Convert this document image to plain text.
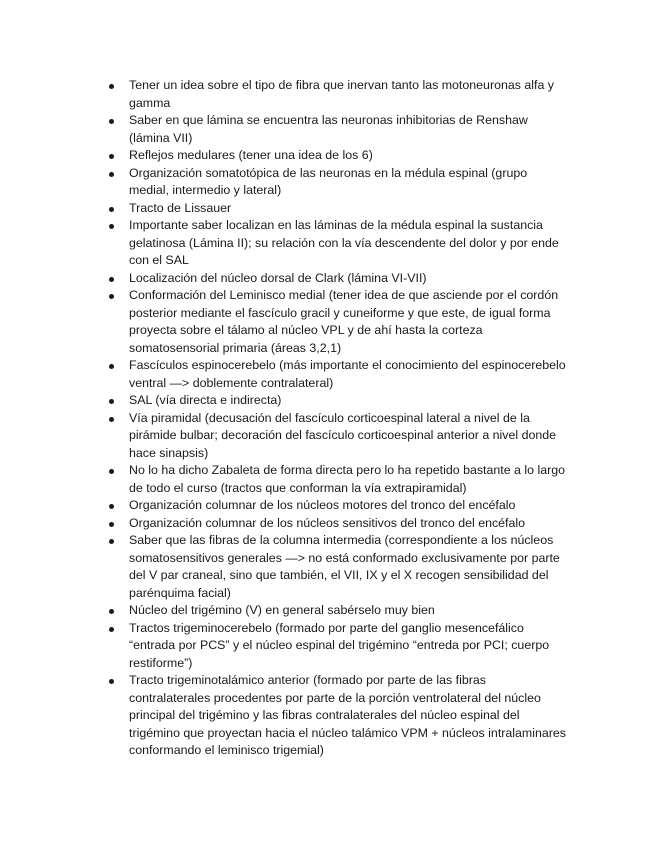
Tener un idea sobre el tipo de fibra que inervan tanto las motoneuronas alfa y gamma
Saber en que lámina se encuentra las neuronas inhibitorias de Renshaw (lámina VII)
Reflejos medulares (tener una idea de los 6)
Organización somatotópica de las neuronas en la médula espinal (grupo medial, intermedio y lateral)
Tracto de Lissauer
Importante saber localizan en las láminas de la médula espinal la sustancia gelatinosa (Lámina II); su relación con la vía descendente del dolor y por ende con el SAL
Localización del núcleo dorsal de Clark (lámina VI-VII)
Conformación del Leminisco medial (tener idea de que asciende por el cordón posterior mediante el fascículo gracil y cuneiforme y que este, de igual forma proyecta sobre el tálamo al núcleo VPL y de ahí hasta la corteza somatosensorial primaria (áreas 3,2,1)
Fascículos espinocerebelo (más importante el conocimiento del espinocerebelo ventral —> doblemente contralateral)
SAL (vía directa e indirecta)
Vía piramidal (decusación del fascículo corticoespinal lateral a nivel de la pirámide bulbar; decoración del fascículo corticoespinal anterior a nivel donde hace sinapsis)
No lo ha dicho Zabaleta de forma directa pero lo ha repetido bastante a lo largo de todo el curso (tractos que conforman la vía extrapiramidal)
Organización columnar de los núcleos motores del tronco del encéfalo
Organización columnar de los núcleos sensitivos del tronco del encéfalo
Saber que las fibras de la columna intermedia (correspondiente a los núcleos somatosensitivos generales —> no está conformado exclusivamente por parte del V par craneal, sino que también, el VII, IX y el X recogen sensibilidad del parénquima facial)
Núcleo del trigémino (V) en general sabérselo muy bien
Tractos trigeminocerebelo (formado por parte del ganglio mesencefálico “entrada por PCS” y el núcleo espinal del trigémino “entreda por PCI; cuerpo restiforme”)
Tracto trigeminotalámico anterior (formado por parte de las fibras contralaterales procedentes por parte de la porción ventrolateral del núcleo principal del trigémino y las fibras contralaterales del núcleo espinal del trigémino que proyectan hacia el núcleo talámico VPM + núcleos intralaminares conformando el leminisco trigemial)
